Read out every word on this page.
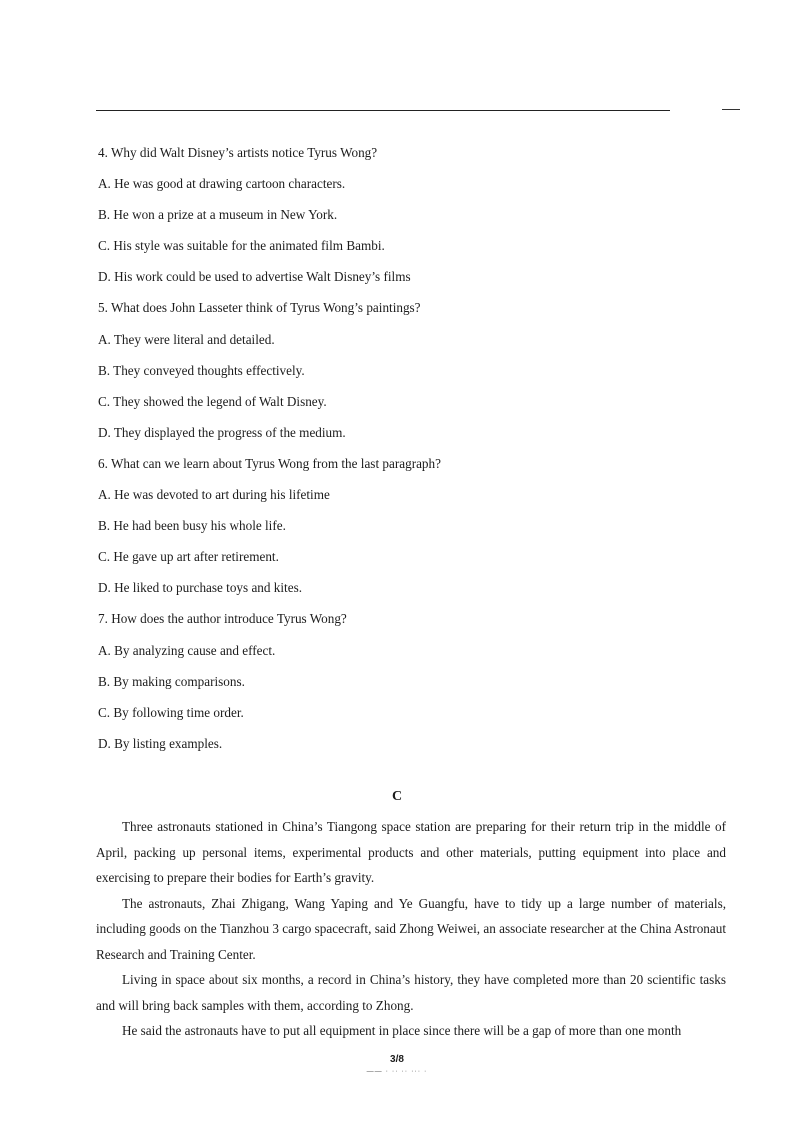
4. Why did Walt Disney’s artists notice Tyrus Wong?
A. He was good at drawing cartoon characters.
B. He won a prize at a museum in New York.
C. His style was suitable for the animated film Bambi.
D. His work could be used to advertise Walt Disney’s films
5. What does John Lasseter think of Tyrus Wong’s paintings?
A. They were literal and detailed.
B. They conveyed thoughts effectively.
C. They showed the legend of Walt Disney.
D. They displayed the progress of the medium.
6. What can we learn about Tyrus Wong from the last paragraph?
A. He was devoted to art during his lifetime
B. He had been busy his whole life.
C. He gave up art after retirement.
D. He liked to purchase toys and kites.
7. How does the author introduce Tyrus Wong?
A. By analyzing cause and effect.
B. By making comparisons.
C. By following time order.
D. By listing examples.
C

Three astronauts stationed in China’s Tiangong space station are preparing for their return trip in the middle of April, packing up personal items, experimental products and other materials, putting equipment into place and exercising to prepare their bodies for Earth’s gravity.

The astronauts, Zhai Zhigang, Wang Yaping and Ye Guangfu, have to tidy up a large number of materials, including goods on the Tianzhou 3 cargo spacecraft, said Zhong Weiwei, an associate researcher at the China Astronaut Research and Training Center.

Living in space about six months, a record in China’s history, they have completed more than 20 scientific tasks and will bring back samples with them, according to Zhong.

He said the astronauts have to put all equipment in place since there will be a gap of more than one month

3/8
—— · ·· ·· ··· ·
